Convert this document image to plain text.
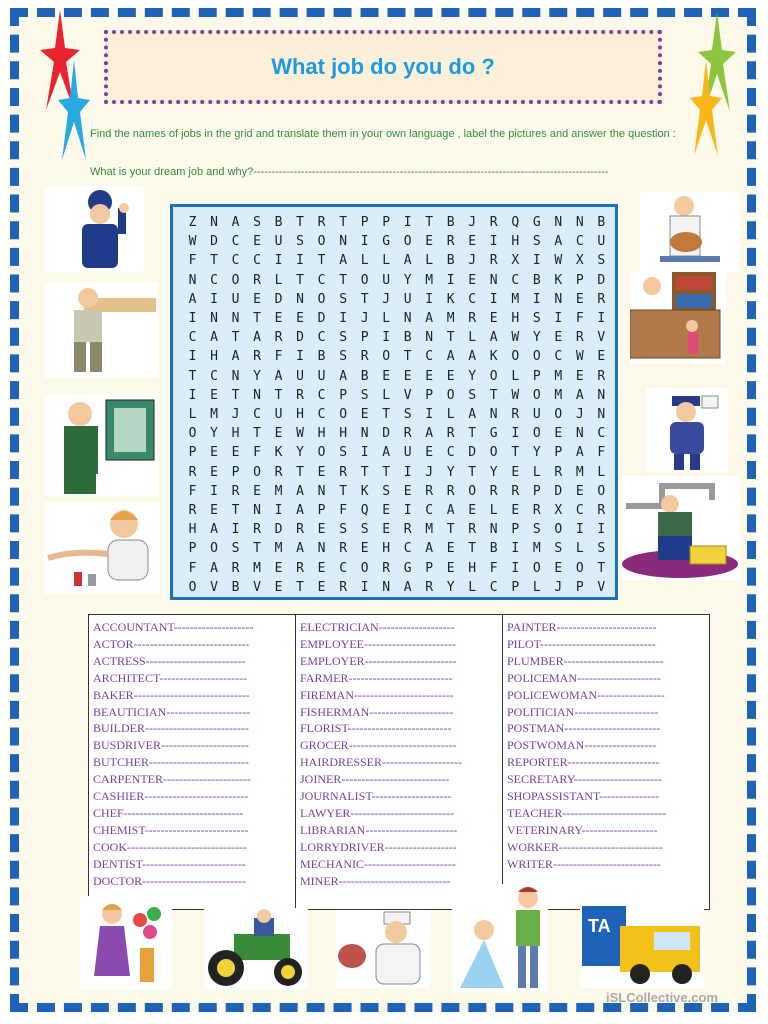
What job do you do ?
Find the names of jobs in the grid and translate them in your own language , label the pictures and answer the question :
What is your dream job and why?-------------------------------------------------------------------------------------------------
Z	N	A	S	B	T	R	T	P	P	I	T	B	J	R	Q	G	N	N	B
W	D	C	E	U	S	O	N	I	G	O	E	R	E	I	H	S	A	C	U
F	T	C	C	I	I	T	A	L	L	A	L	B	J	R	X	I	W	X	S
N	C	O	R	L	T	C	T	O	U	Y	M	I	E	N	C	B	K	P	D
A	I	U	E	D	N	O	S	T	J	U	I	K	C	I	M	I	N	E	R
I	N	N	T	E	E	D	I	J	L	N	A	M	R	E	H	S	I	F	I
C	A	T	A	R	D	C	S	P	I	B	N	T	L	A	W	Y	E	R	V
I	H	A	R	F	I	B	S	R	O	T	C	A	A	K	O	O	C	W	E
T	C	N	Y	A	U	U	A	B	E	E	E	E	Y	O	L	P	M	E	R
I	E	T	N	T	R	C	P	S	L	V	P	O	S	T	W	O	M	A	N
L	M	J	C	U	H	C	O	E	T	S	I	L	A	N	R	U	O	J	N
O	Y	H	T	E	W	H	H	N	D	R	A	R	T	G	I	O	E	N	C
P	E	E	F	K	Y	O	S	I	A	U	E	C	D	O	T	Y	P	A	F
R	E	P	O	R	T	E	R	T	T	I	J	Y	T	Y	E	L	R	M	L
F	I	R	E	M	A	N	T	K	S	E	R	R	O	R	R	P	D	E	O
R	E	T	N	I	A	P	F	Q	E	I	C	A	E	L	E	R	X	C	R
H	A	I	R	D	R	E	S	S	E	R	M	T	R	N	P	S	O	I	I
P	O	S	T	M	A	N	R	E	H	C	A	E	T	B	I	M	S	L	S
F	A	R	M	E	R	E	C	O	R	G	P	E	H	F	I	O	E	O	T
O	V	B	V	E	T	E	R	I	N	A	R	Y	L	C	P	L	J	P	V
ACCOUNTANT--------------------
ACTOR-----------------------------
ACTRESS-------------------------
ARCHITECT----------------------
BAKER-----------------------------
BEAUTICIAN---------------------
BUILDER--------------------------
BUSDRIVER----------------------
BUTCHER-------------------------
CARPENTER----------------------
CASHIER--------------------------
CHEF------------------------------
CHEMIST--------------------------
COOK------------------------------
DENTIST--------------------------
DOCTOR--------------------------
ELECTRICIAN-------------------
EMPLOYEE-----------------------
EMPLOYER-----------------------
FARMER--------------------------
FIREMAN-------------------------
FISHERMAN---------------------
FLORIST--------------------------
GROCER---------------------------
HAIRDRESSER--------------------
JOINER---------------------------
JOURNALIST--------------------
LAWYER--------------------------
LIBRARIAN-----------------------
LORRYDRIVER------------------
MECHANIC-----------------------
MINER----------------------------
PAINTER-------------------------
PILOT-----------------------------
PLUMBER-------------------------
POLICEMAN---------------------
POLICEWOMAN-----------------
POLITICIAN---------------------
POSTMAN------------------------
POSTWOMAN------------------
REPORTER-----------------------
SECRETARY----------------------
SHOPASSISTANT---------------
TEACHER--------------------------
VETERINARY-------------------
WORKER--------------------------
WRITER---------------------------
TA
iSLCollective.com
